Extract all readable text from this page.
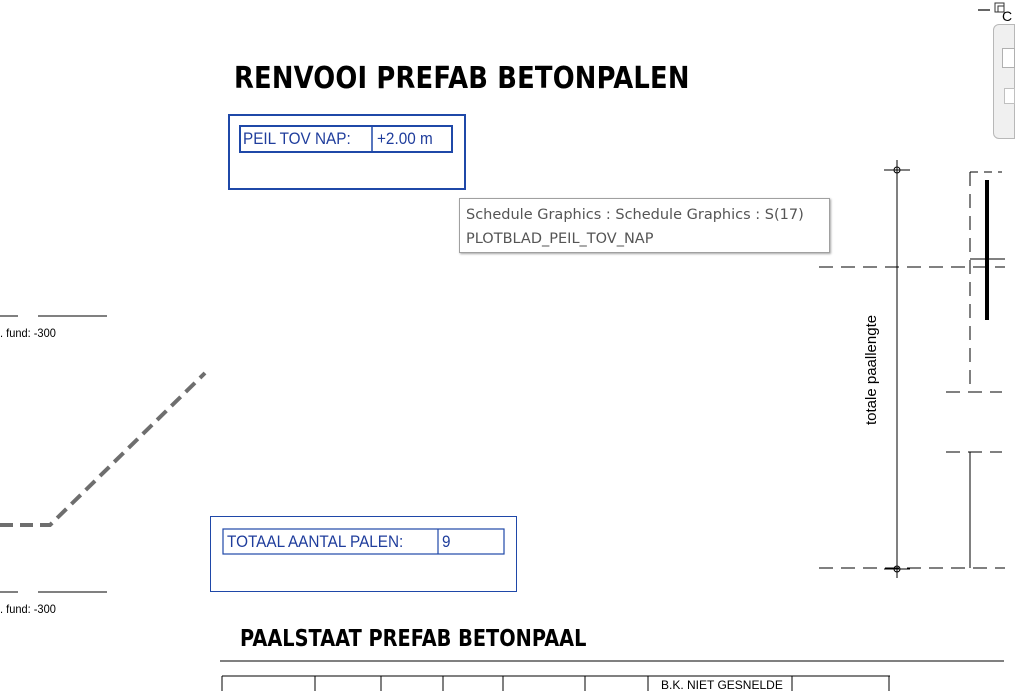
RENVOOI PREFAB BETONPALEN
PEIL TOV NAP: +2.00 m
Schedule Graphics : Schedule Graphics : S(17)
PLOTBLAD_PEIL_TOV_NAP
. fund: -300
. fund: -300
totale paallengte
TOTAAL AANTAL PALEN: 9
PAALSTAAT PREFAB BETONPAAL
B.K. NIET GESNELDE
C
